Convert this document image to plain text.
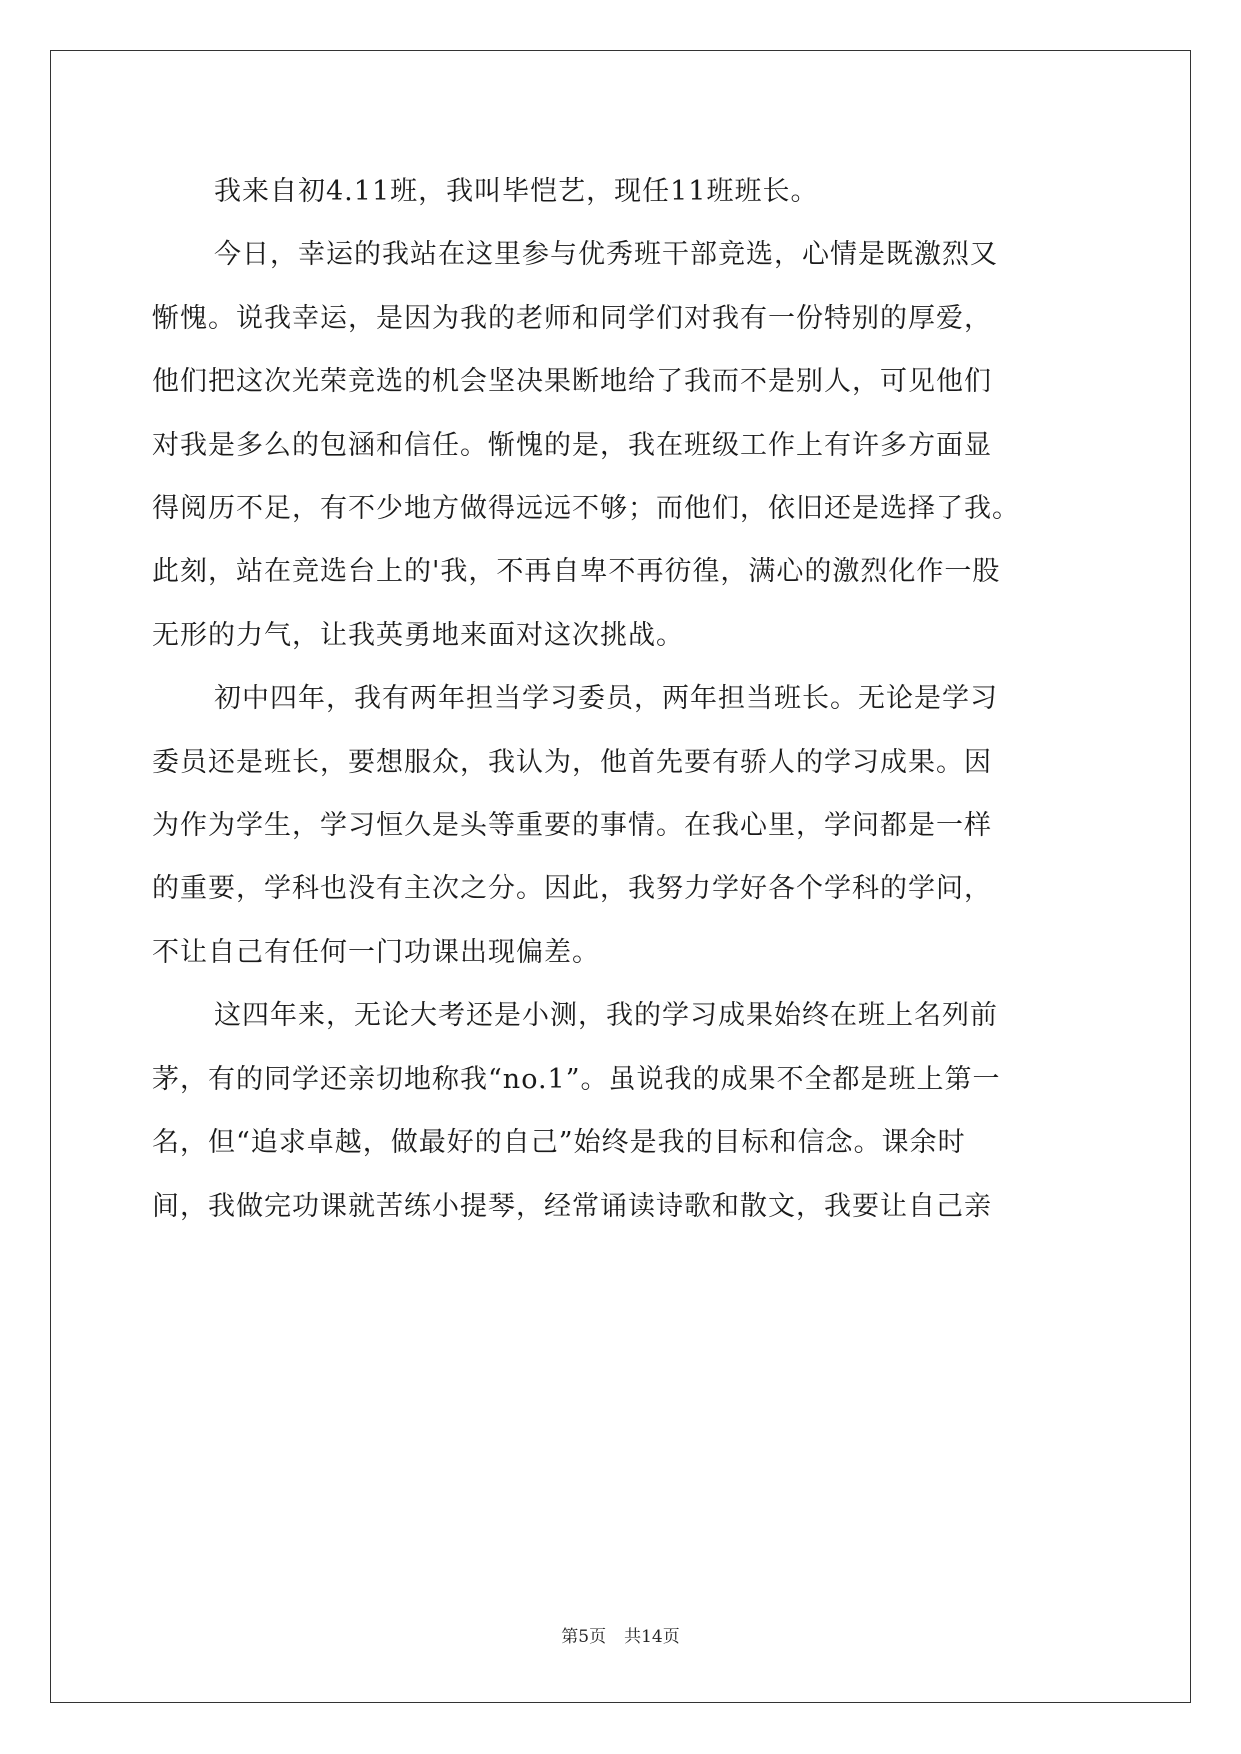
我来自初4.11班，我叫毕恺艺，现任11班班长。
今日，幸运的我站在这里参与优秀班干部竞选，心情是既激烈又
惭愧。说我幸运，是因为我的老师和同学们对我有一份特别的厚爱，
他们把这次光荣竞选的机会坚决果断地给了我而不是别人，可见他们
对我是多么的包涵和信任。惭愧的是，我在班级工作上有许多方面显
得阅历不足，有不少地方做得远远不够；而他们，依旧还是选择了我。
此刻，站在竞选台上的'我，不再自卑不再彷徨，满心的激烈化作一股
无形的力气，让我英勇地来面对这次挑战。
初中四年，我有两年担当学习委员，两年担当班长。无论是学习
委员还是班长，要想服众，我认为，他首先要有骄人的学习成果。因
为作为学生，学习恒久是头等重要的事情。在我心里，学问都是一样
的重要，学科也没有主次之分。因此，我努力学好各个学科的学问，
不让自己有任何一门功课出现偏差。
这四年来，无论大考还是小测，我的学习成果始终在班上名列前
茅，有的同学还亲切地称我“no.1”。虽说我的成果不全都是班上第一
名，但“追求卓越，做最好的自己”始终是我的目标和信念。课余时
间，我做完功课就苦练小提琴，经常诵读诗歌和散文，我要让自己亲
第5页 共14页
